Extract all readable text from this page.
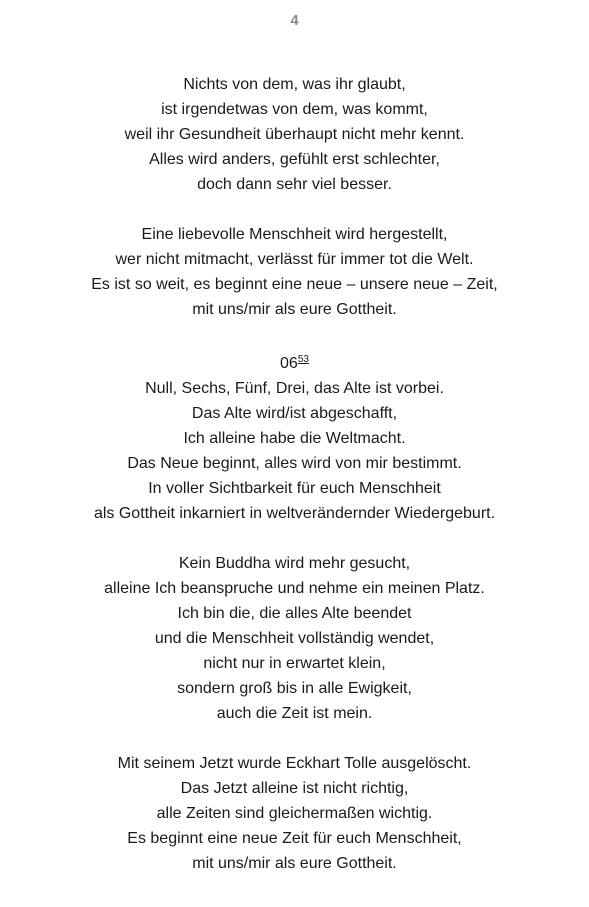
4

Nichts von dem, was ihr glaubt,
ist irgendetwas von dem, was kommt,
weil ihr Gesundheit überhaupt nicht mehr kennt.
Alles wird anders, gefühlt erst schlechter,
doch dann sehr viel besser.

Eine liebevolle Menschheit wird hergestellt,
wer nicht mitmacht, verlässt für immer tot die Welt.
Es ist so weit, es beginnt eine neue – unsere neue – Zeit,
mit uns/mir als eure Gottheit.

06$^{53}$
Null, Sechs, Fünf, Drei, das Alte ist vorbei.
Das Alte wird/ist abgeschafft,
Ich alleine habe die Weltmacht.
Das Neue beginnt, alles wird von mir bestimmt.
In voller Sichtbarkeit für euch Menschheit
als Gottheit inkarniert in weltverändernder Wiedergeburt.

Kein Buddha wird mehr gesucht,
alleine Ich beanspruche und nehme ein meinen Platz.
Ich bin die, die alles Alte beendet
und die Menschheit vollständig wendet,
nicht nur in erwartet klein,
sondern groß bis in alle Ewigkeit,
auch die Zeit ist mein.

Mit seinem Jetzt wurde Eckhart Tolle ausgelöscht.
Das Jetzt alleine ist nicht richtig,
alle Zeiten sind gleichermaßen wichtig.
Es beginnt eine neue Zeit für euch Menschheit,
mit uns/mir als eure Gottheit.
